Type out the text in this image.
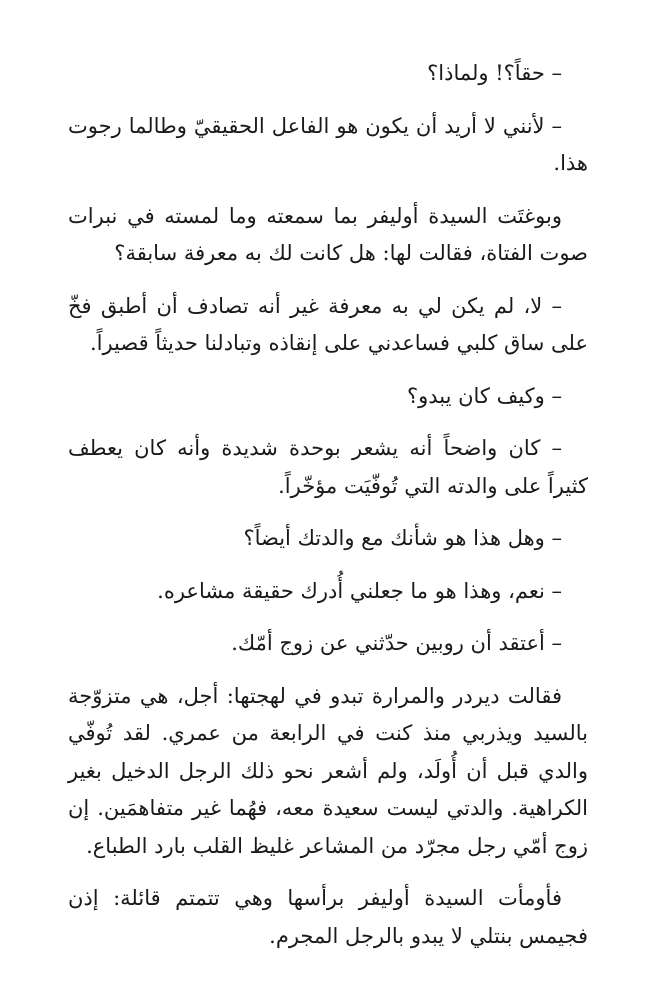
– حقاً؟! ولماذا؟

– لأنني لا أريد أن يكون هو الفاعل الحقيقيّ وطالما رجوت هذا.

وبوغتَت السيدة أوليفر بما سمعته وما لمسته في نبرات صوت الفتاة، فقالت لها: هل كانت لك به معرفة سابقة؟

– لا، لم يكن لي به معرفة غير أنه تصادف أن أطبق فخّ على ساق كلبي فساعدني على إنقاذه وتبادلنا حديثاً قصيراً.

– وكيف كان يبدو؟

– كان واضحاً أنه يشعر بوحدة شديدة وأنه كان يعطف كثيراً على والدته التي تُوفّيَت مؤخّراً.

– وهل هذا هو شأنك مع والدتك أيضاً؟

– نعم، وهذا هو ما جعلني أُدرك حقيقة مشاعره.

– أعتقد أن روبين حدّثني عن زوج أمّك.

فقالت ديردر والمرارة تبدو في لهجتها: أجل، هي متزوّجة بالسيد ويذربي منذ كنت في الرابعة من عمري. لقد تُوفّي والدي قبل أن أُولَد، ولم أشعر نحو ذلك الرجل الدخيل بغير الكراهية. والدتي ليست سعيدة معه، فهُما غير متفاهمَين. إن زوج أمّي رجل مجرّد من المشاعر غليظ القلب بارد الطباع.

فأومأت السيدة أوليفر برأسها وهي تتمتم قائلة: إذن فجيمس بنتلي لا يبدو بالرجل المجرم.
